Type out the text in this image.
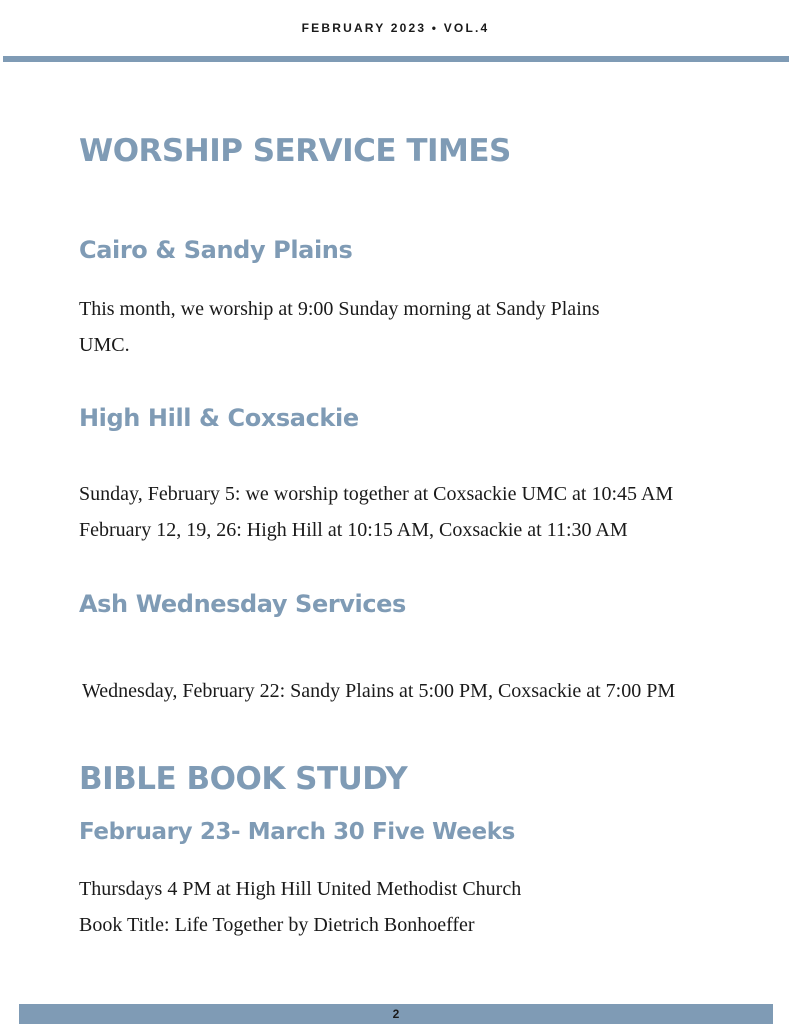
FEBRUARY 2023 • VOL.4
WORSHIP SERVICE TIMES
Cairo & Sandy Plains

This month, we worship at 9:00 Sunday morning at Sandy Plains
UMC.

High Hill & Coxsackie

Sunday, February 5: we worship together at Coxsackie UMC at 10:45 AM
February 12, 19, 26: High Hill at 10:15 AM, Coxsackie at 11:30 AM

Ash Wednesday Services

Wednesday, February 22: Sandy Plains at 5:00 PM, Coxsackie at 7:00 PM

BIBLE BOOK STUDY
February 23- March 30 Five Weeks

Thursdays 4 PM at High Hill United Methodist Church
Book Title: Life Together by Dietrich Bonhoeffer

2
